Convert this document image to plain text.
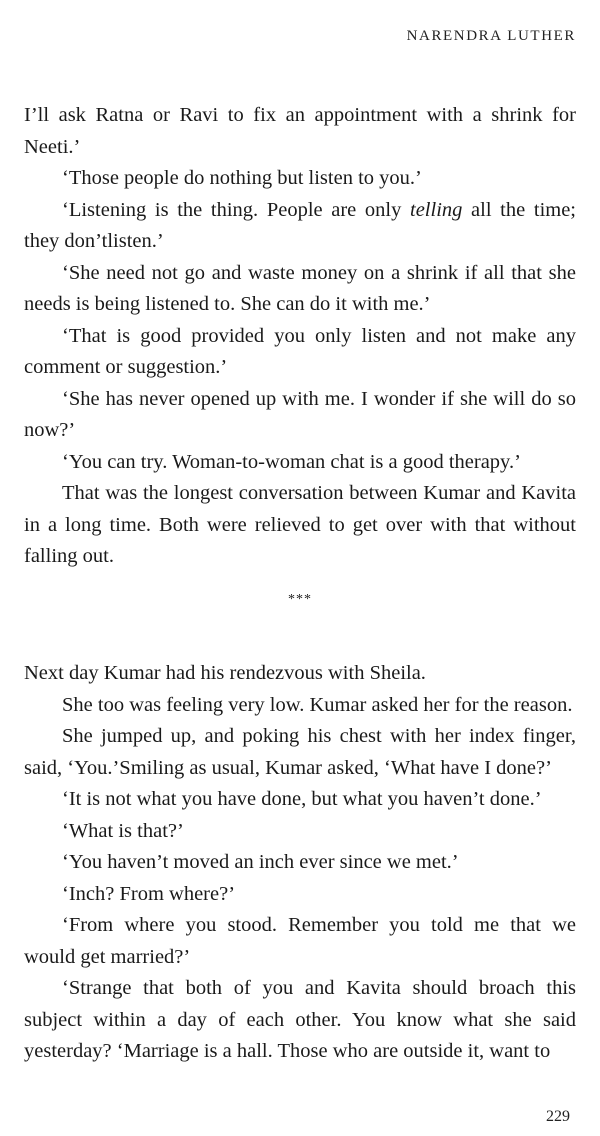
NARENDRA LUTHER

I’ll ask Ratna or Ravi to fix an appointment with a shrink for Neeti.’

‘Those people do nothing but listen to you.’

‘Listening is the thing. People are only telling all the time; they don’tlisten.’

‘She need not go and waste money on a shrink if all that she needs is being listened to. She can do it with me.’

‘That is good provided you only listen and not make any comment or suggestion.’

‘She has never opened up with me. I wonder if she will do so now?’

‘You can try. Woman-to-woman chat is a good therapy.’

That was the longest conversation between Kumar and Kavita in a long time. Both were relieved to get over with that without falling out.

***

Next day Kumar had his rendezvous with Sheila.

She too was feeling very low. Kumar asked her for the reason.

She jumped up, and poking his chest with her index finger, said, ‘You.’Smiling as usual, Kumar asked, ‘What have I done?’

‘It is not what you have done, but what you haven’t done.’

‘What is that?’

‘You haven’t moved an inch ever since we met.’

‘Inch? From where?’

‘From where you stood. Remember you told me that we would get married?’

‘Strange that both of you and Kavita should broach this subject within a day of each other. You know what she said yesterday? ‘Marriage is a hall. Those who are outside it, want to

229
